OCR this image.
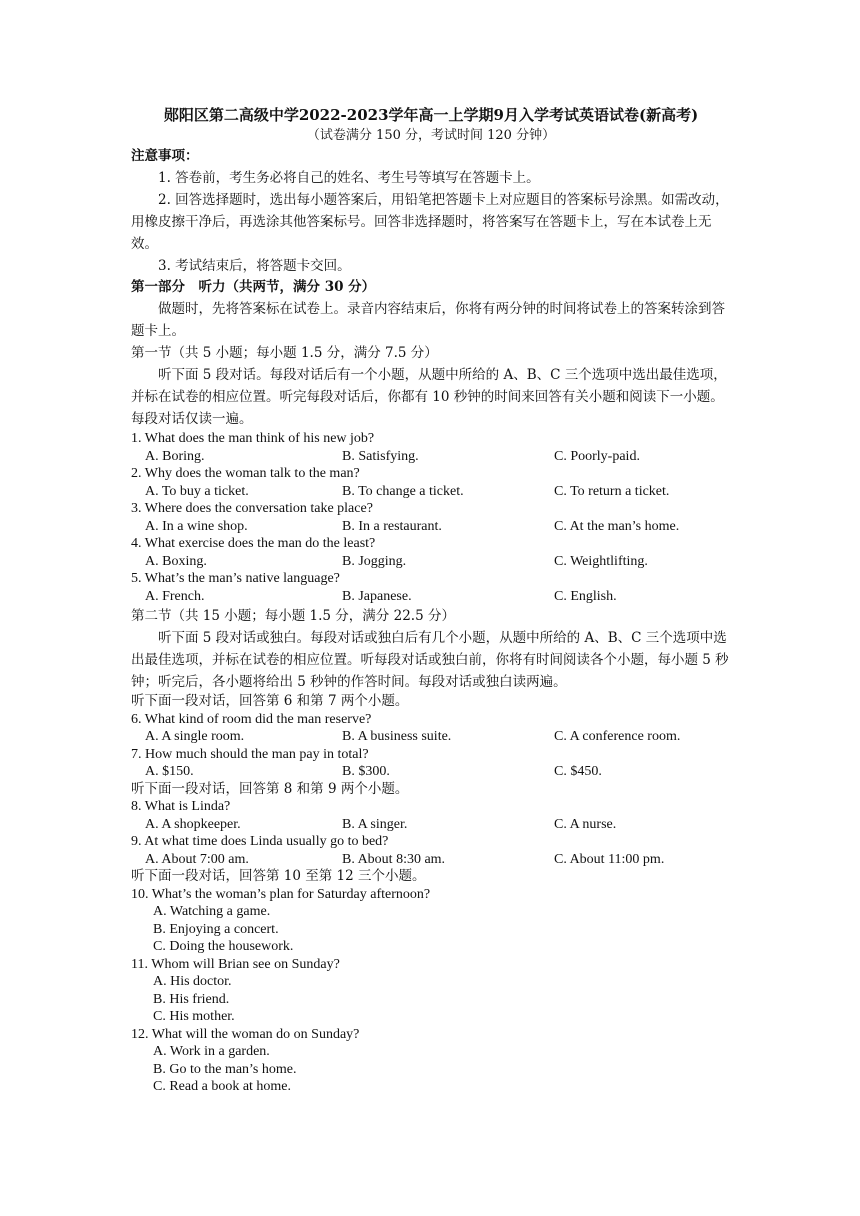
郧阳区第二高级中学2022-2023学年高一上学期9月入学考试英语试卷(新高考)
（试卷满分 150 分，考试时间 120 分钟）
注意事项：
1. 答卷前，考生务必将自己的姓名、考生号等填写在答题卡上。
2. 回答选择题时，选出每小题答案后，用铅笔把答题卡上对应题目的答案标号涂黑。如需改动，用橡皮擦干净后，再选涂其他答案标号。回答非选择题时，将答案写在答题卡上，写在本试卷上无效。
3. 考试结束后，将答题卡交回。
第一部分　听力（共两节，满分 30 分）
做题时，先将答案标在试卷上。录音内容结束后，你将有两分钟的时间将试卷上的答案转涂到答题卡上。
第一节（共 5 小题；每小题 1.5 分，满分 7.5 分）
听下面 5 段对话。每段对话后有一个小题，从题中所给的 A、B、C 三个选项中选出最佳选项，并标在试卷的相应位置。听完每段对话后，你都有 10 秒钟的时间来回答有关小题和阅读下一小题。每段对话仅读一遍。
1. What does the man think of his new job?
A. Boring.	B. Satisfying.	C. Poorly-paid.
2. Why does the woman talk to the man?
A. To buy a ticket.	B. To change a ticket.	C. To return a ticket.
3. Where does the conversation take place?
A. In a wine shop.	B. In a restaurant.	C. At the man’s home.
4. What exercise does the man do the least?
A. Boxing.	B. Jogging.	C. Weightlifting.
5. What’s the man’s native language?
A. French.	B. Japanese.	C. English.
第二节（共 15 小题；每小题 1.5 分，满分 22.5 分）
听下面 5 段对话或独白。每段对话或独白后有几个小题，从题中所给的 A、B、C 三个选项中选出最佳选项，并标在试卷的相应位置。听每段对话或独白前，你将有时间阅读各个小题，每小题 5 秒钟；听完后，各小题将给出 5 秒钟的作答时间。每段对话或独白读两遍。
听下面一段对话，回答第 6 和第 7 两个小题。
6. What kind of room did the man reserve?
A. A single room.	B. A business suite.	C. A conference room.
7. How much should the man pay in total?
A. $150.	B. $300.	C. $450.
听下面一段对话，回答第 8 和第 9 两个小题。
8. What is Linda?
A. A shopkeeper.	B. A singer.	C. A nurse.
9. At what time does Linda usually go to bed?
A. About 7:00 am.	B. About 8:30 am.	C. About 11:00 pm.
听下面一段对话，回答第 10 至第 12 三个小题。
10. What’s the woman’s plan for Saturday afternoon?
A. Watching a game.
B. Enjoying a concert.
C. Doing the housework.
11. Whom will Brian see on Sunday?
A. His doctor.
B. His friend.
C. His mother.
12. What will the woman do on Sunday?
A. Work in a garden.
B. Go to the man’s home.
C. Read a book at home.
